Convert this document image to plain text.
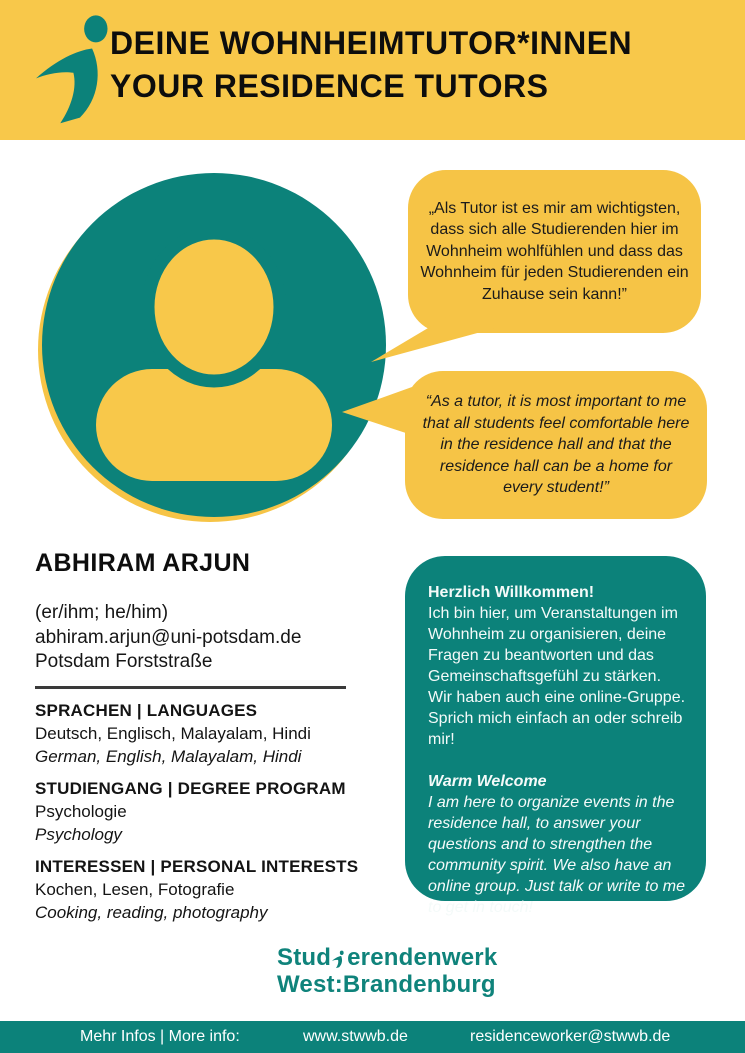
DEINE WOHNHEIMTUTOR*INNEN
YOUR RESIDENCE TUTORS

„Als Tutor ist es mir am wichtigsten, dass sich alle Studierenden hier im Wohnheim wohlfühlen und dass das Wohnheim für jeden Studierenden ein Zuhause sein kann!”

“As a tutor, it is most important to me that all students feel comfortable here in the residence hall and that the residence hall can be a home for every student!”

ABHIRAM ARJUN
(er/ihm; he/him)
abhiram.arjun@uni-potsdam.de
Potsdam Forststraße
SPRACHEN | LANGUAGES
Deutsch, Englisch, Malayalam, Hindi
German, English, Malayalam, Hindi
STUDIENGANG | DEGREE PROGRAM
Psychologie
Psychology
INTERESSEN | PERSONAL INTERESTS
Kochen, Lesen, Fotografie
Cooking, reading, photography

Herzlich Willkommen!

Ich bin hier, um Veranstaltungen im Wohnheim zu organisieren, deine Fragen zu beantworten und das Gemeinschaftsgefühl zu stärken. Wir haben auch eine online-Gruppe. Sprich mich einfach an oder schreib mir!

Warm Welcome

I am here to organize events in the residence hall, to answer your questions and to strengthen the community spirit. We also have an online group. Just talk or write to me to get in touch!

Stud erendenwerk
West:Brandenburg
Mehr Infos | More info:	www.stwwb.de	residenceworker@stwwb.de
